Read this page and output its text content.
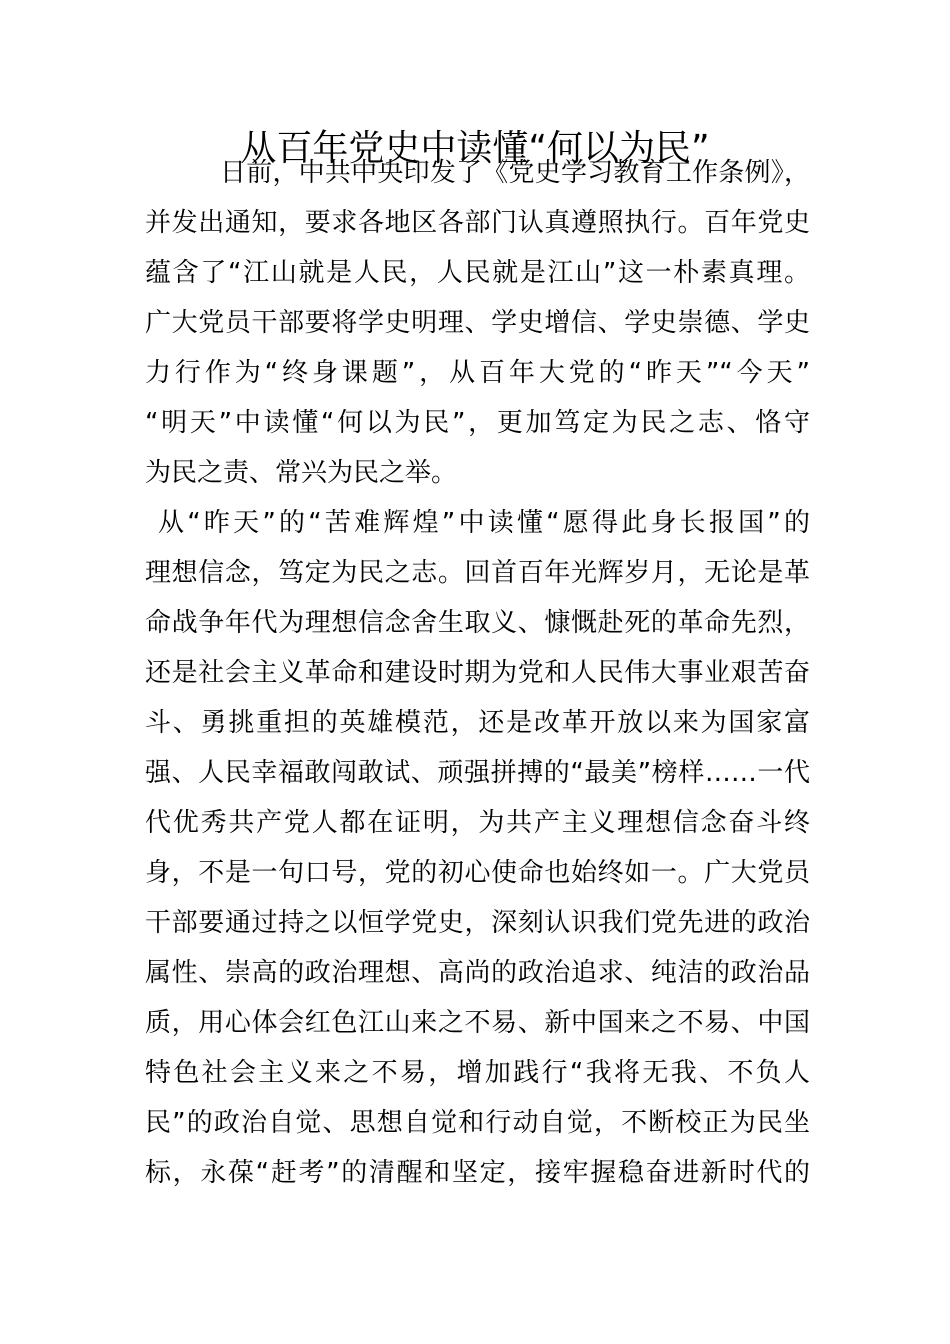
从百年党史中读懂“何以为民”

日前，中共中央印发了《党史学习教育工作条例》，

并发出通知，要求各地区各部门认真遵照执行。百年党史

蕴含了“江山就是人民，人民就是江山”这一朴素真理。

广大党员干部要将学史明理、学史增信、学史崇德、学史

力行作为“终身课题”，从百年大党的“昨天”“今天”

“明天”中读懂“何以为民”，更加笃定为民之志、恪守

为民之责、常兴为民之举。

从“昨天”的“苦难辉煌”中读懂“愿得此身长报国”的

理想信念，笃定为民之志。回首百年光辉岁月，无论是革

命战争年代为理想信念舍生取义、慷慨赴死的革命先烈，

还是社会主义革命和建设时期为党和人民伟大事业艰苦奋

斗、勇挑重担的英雄模范，还是改革开放以来为国家富

强、人民幸福敢闯敢试、顽强拼搏的“最美”榜样……一代

代优秀共产党人都在证明，为共产主义理想信念奋斗终

身，不是一句口号，党的初心使命也始终如一。广大党员

干部要通过持之以恒学党史，深刻认识我们党先进的政治

属性、崇高的政治理想、高尚的政治追求、纯洁的政治品

质，用心体会红色江山来之不易、新中国来之不易、中国

特色社会主义来之不易，增加践行“我将无我、不负人

民”的政治自觉、思想自觉和行动自觉，不断校正为民坐

标，永葆“赶考”的清醒和坚定，接牢握稳奋进新时代的
